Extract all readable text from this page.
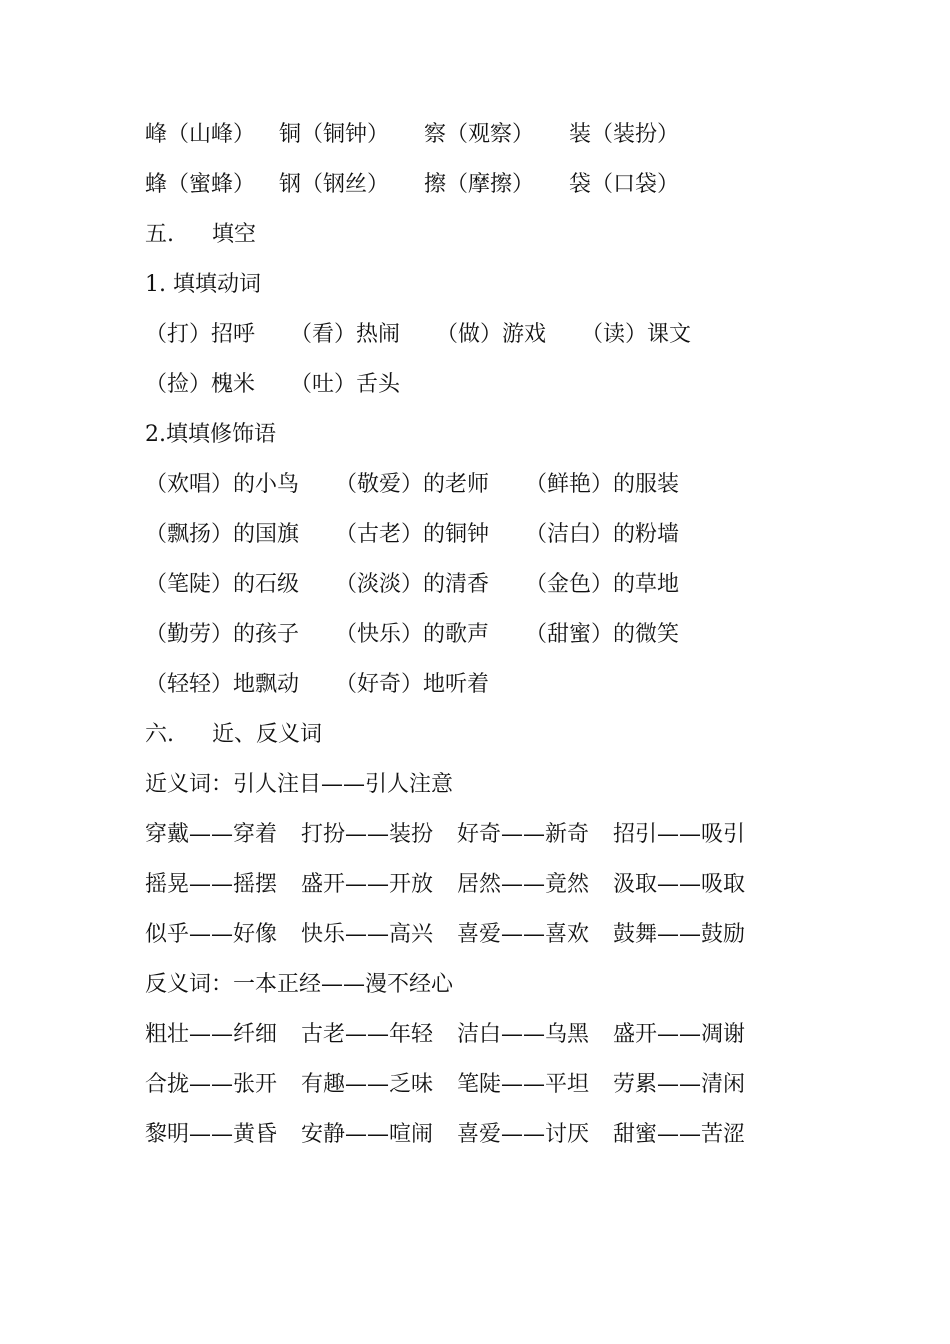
峰（山峰） 铜（铜钟） 察（观察） 装（装扮）
蜂（蜜蜂） 钢（钢丝） 擦（摩擦） 袋（口袋）
五. 填空
1. 填填动词
（打）招呼 （看）热闹 （做）游戏 （读）课文
（捡）槐米 （吐）舌头
2.填填修饰语
（欢唱）的小鸟 （敬爱）的老师 （鲜艳）的服装
（飘扬）的国旗 （古老）的铜钟 （洁白）的粉墙
（笔陡）的石级 （淡淡）的清香 （金色）的草地
（勤劳）的孩子 （快乐）的歌声 （甜蜜）的微笑
（轻轻）地飘动 （好奇）地听着
六. 近、反义词
近义词：引人注目——引人注意
穿戴——穿着 打扮——装扮 好奇——新奇 招引——吸引
摇晃——摇摆 盛开——开放 居然——竟然 汲取——吸取
似乎——好像 快乐——高兴 喜爱——喜欢 鼓舞——鼓励
反义词：一本正经——漫不经心
粗壮——纤细 古老——年轻 洁白——乌黑 盛开——凋谢
合拢——张开 有趣——乏味 笔陡——平坦 劳累——清闲
黎明——黄昏 安静——喧闹 喜爱——讨厌 甜蜜——苦涩
